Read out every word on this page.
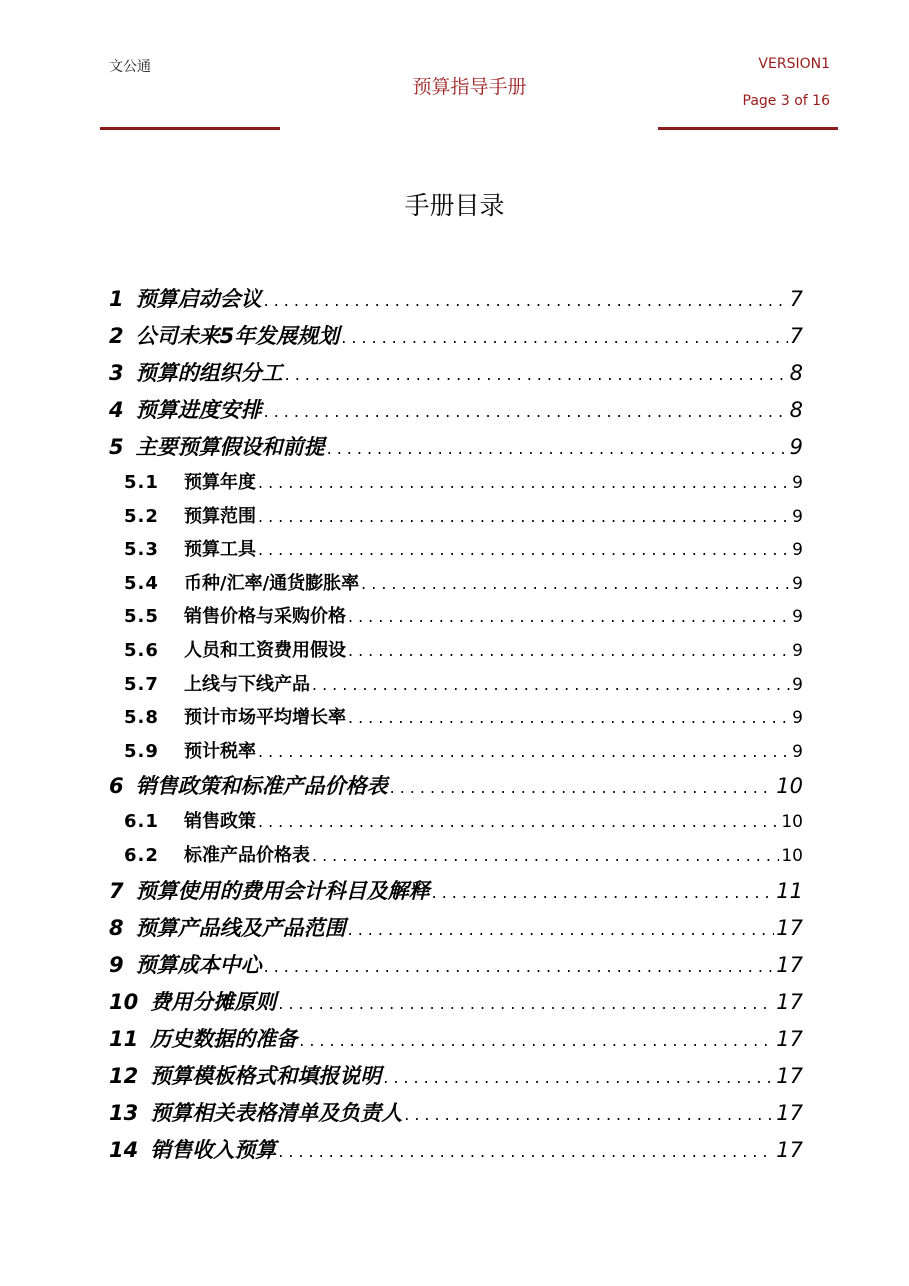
文公通
预算指导手册
VERSION1
Page 3 of 16
手册目录
1 预算启动会议 .....	7
2 公司未来5年发展规划 .....	7
3 预算的组织分工 .....	8
4 预算进度安排 .....	8
5 主要预算假设和前提 .....	9
5.1	预算年度 .....	9
5.2	预算范围 .....	9
5.3	预算工具 .....	9
5.4	币种/汇率/通货膨胀率 .....	9
5.5	销售价格与采购价格 .....	9
5.6	人员和工资费用假设 .....	9
5.7	上线与下线产品 .....	9
5.8	预计市场平均增长率 .....	9
5.9	预计税率 .....	9
6 销售政策和标准产品价格表 .....	10
6.1	销售政策 .....	10
6.2	标准产品价格表 .....	10
7 预算使用的费用会计科目及解释 .....	11
8 预算产品线及产品范围 .....	17
9 预算成本中心 .....	17
10 费用分摊原则 .....	17
11 历史数据的准备 .....	17
12 预算模板格式和填报说明 .....	17
13 预算相关表格清单及负责人 .....	17
14 销售收入预算 .....	17
